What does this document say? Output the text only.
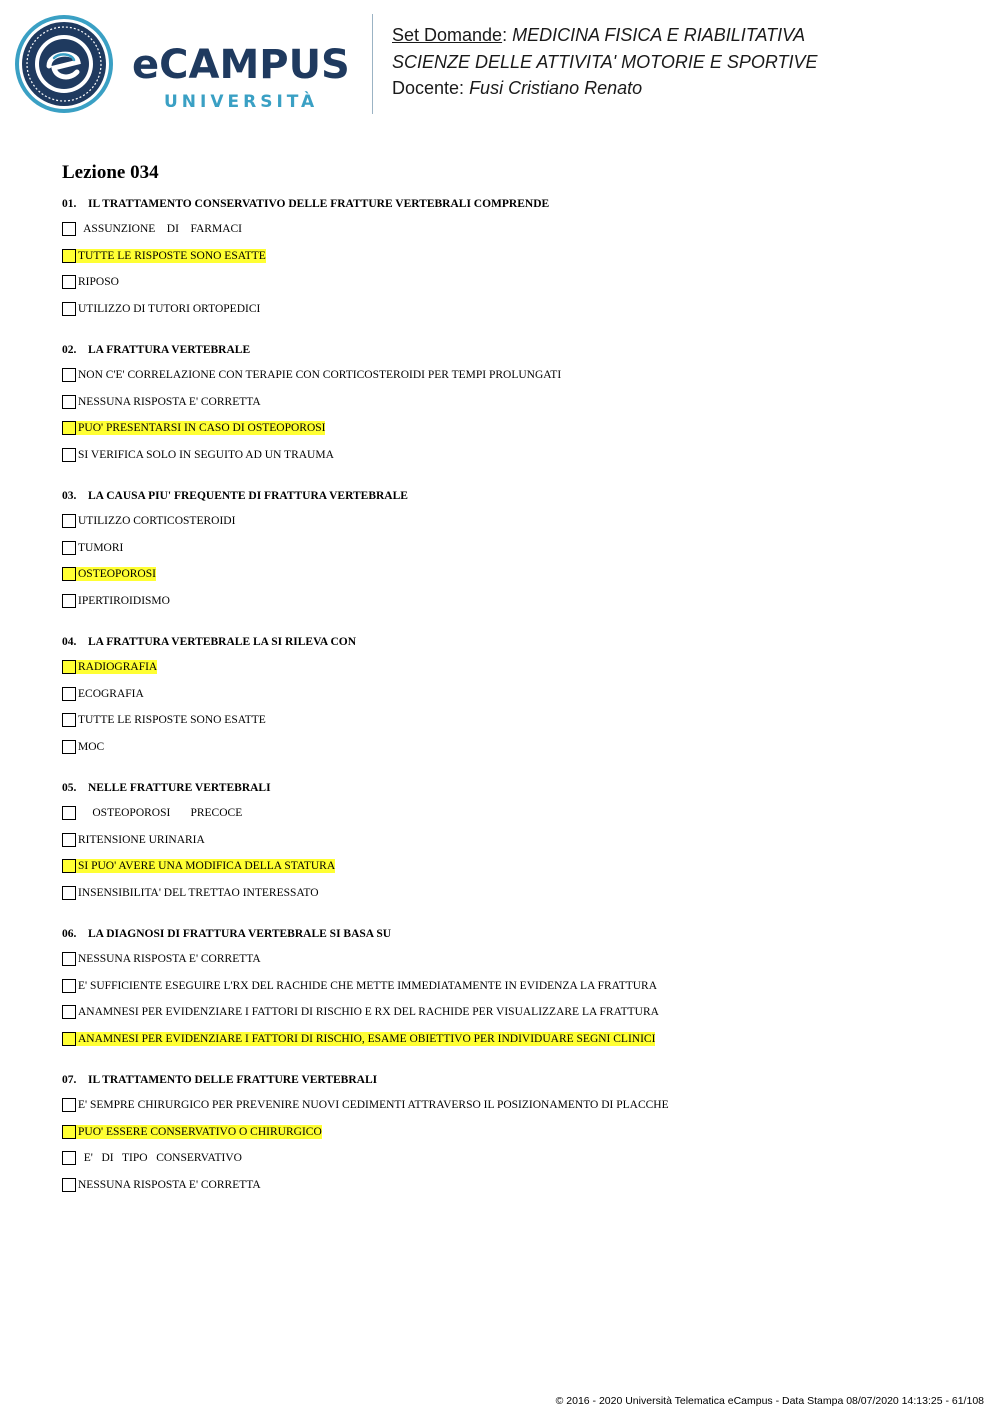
eCAMPUS
UNIVERSITÀ
Set Domande: MEDICINA FISICA E RIABILITATIVA
SCIENZE DELLE ATTIVITA' MOTORIE E SPORTIVE
Docente: Fusi Cristiano Renato
Lezione 034
01. IL TRATTAMENTO CONSERVATIVO DELLE FRATTURE VERTEBRALI COMPRENDE
ASSUNZIONE    DI    FARMACI
TUTTE LE RISPOSTE SONO ESATTE
RIPOSO
UTILIZZO DI TUTORI ORTOPEDICI
02. LA FRATTURA VERTEBRALE
NON C'E' CORRELAZIONE CON TERAPIE CON CORTICOSTEROIDI PER TEMPI PROLUNGATI
NESSUNA RISPOSTA E' CORRETTA
PUO' PRESENTARSI IN CASO DI OSTEOPOROSI
SI VERIFICA SOLO IN SEGUITO AD UN TRAUMA
03. LA CAUSA PIU' FREQUENTE DI FRATTURA VERTEBRALE
UTILIZZO CORTICOSTEROIDI
TUMORI
OSTEOPOROSI
IPERTIROIDISMO
04. LA FRATTURA VERTEBRALE LA SI RILEVA CON
RADIOGRAFIA
ECOGRAFIA
TUTTE LE RISPOSTE SONO ESATTE
MOC
05. NELLE FRATTURE VERTEBRALI
OSTEOPOROSI       PRECOCE
RITENSIONE URINARIA
SI PUO' AVERE UNA MODIFICA DELLA STATURA
INSENSIBILITA' DEL TRETTAO INTERESSATO
06. LA DIAGNOSI DI FRATTURA VERTEBRALE SI BASA SU
NESSUNA RISPOSTA E' CORRETTA
E' SUFFICIENTE ESEGUIRE L'RX DEL RACHIDE CHE METTE IMMEDIATAMENTE IN EVIDENZA LA FRATTURA
ANAMNESI PER EVIDENZIARE I FATTORI DI RISCHIO E RX DEL RACHIDE PER VISUALIZZARE LA FRATTURA
ANAMNESI PER EVIDENZIARE I FATTORI DI RISCHIO, ESAME OBIETTIVO PER INDIVIDUARE SEGNI CLINICI
07. IL TRATTAMENTO DELLE FRATTURE VERTEBRALI
E' SEMPRE CHIRURGICO PER PREVENIRE NUOVI CEDIMENTI ATTRAVERSO IL POSIZIONAMENTO DI PLACCHE
PUO' ESSERE CONSERVATIVO O CHIRURGICO
E'   DI   TIPO   CONSERVATIVO
NESSUNA RISPOSTA E' CORRETTA
© 2016 - 2020 Università Telematica eCampus - Data Stampa 08/07/2020 14:13:25 - 61/108
